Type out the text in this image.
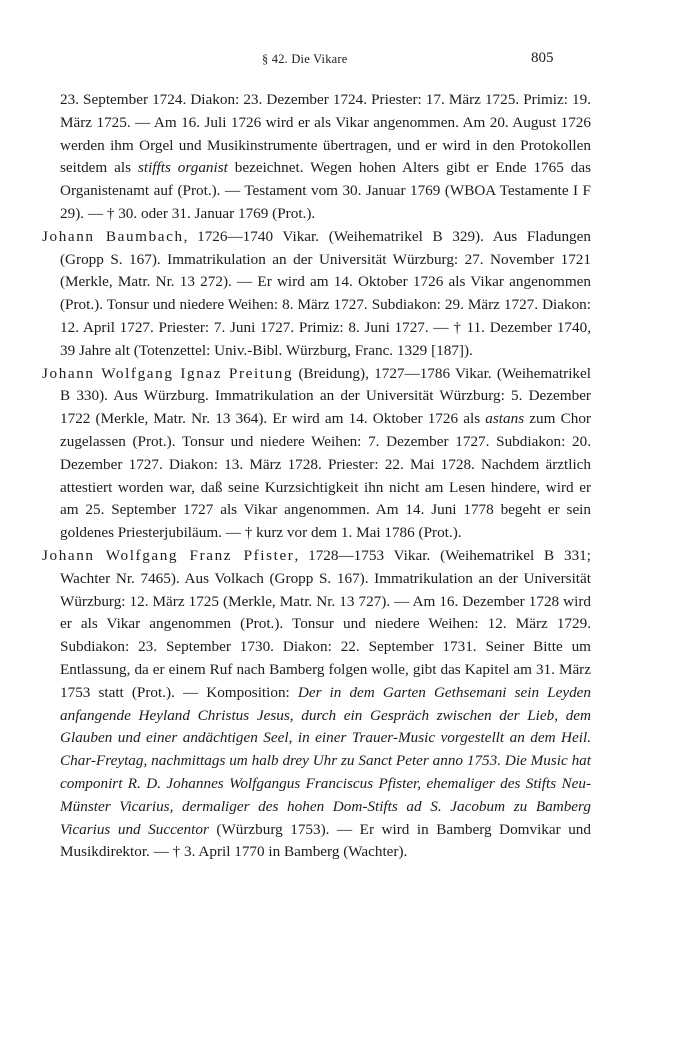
§ 42. Die Vikare	805

23. September 1724. Diakon: 23. Dezember 1724. Priester: 17. März 1725. Primiz: 19. März 1725. — Am 16. Juli 1726 wird er als Vikar angenommen. Am 20. August 1726 werden ihm Orgel und Musikinstrumente übertragen, und er wird in den Protokollen seitdem als stiffts organist bezeichnet. Wegen hohen Alters gibt er Ende 1765 das Organistenamt auf (Prot.). — Testament vom 30. Januar 1769 (WBOA Testamente I F 29). — † 30. oder 31. Januar 1769 (Prot.).

Johann Baumbach, 1726—1740 Vikar. (Weihematrikel B 329). Aus Fladungen (Gropp S. 167). Immatrikulation an der Universität Würzburg: 27. November 1721 (Merkle, Matr. Nr. 13 272). — Er wird am 14. Oktober 1726 als Vikar angenommen (Prot.). Tonsur und niedere Weihen: 8. März 1727. Subdiakon: 29. März 1727. Diakon: 12. April 1727. Priester: 7. Juni 1727. Primiz: 8. Juni 1727. — † 11. Dezember 1740, 39 Jahre alt (Totenzettel: Univ.-Bibl. Würzburg, Franc. 1329 [187]).

Johann Wolfgang Ignaz Preitung (Breidung), 1727—1786 Vikar. (Weihematrikel B 330). Aus Würzburg. Immatrikulation an der Universität Würzburg: 5. Dezember 1722 (Merkle, Matr. Nr. 13 364). Er wird am 14. Oktober 1726 als astans zum Chor zugelassen (Prot.). Tonsur und niedere Weihen: 7. Dezember 1727. Subdiakon: 20. Dezember 1727. Diakon: 13. März 1728. Priester: 22. Mai 1728. Nachdem ärztlich attestiert worden war, daß seine Kurzsichtigkeit ihn nicht am Lesen hindere, wird er am 25. September 1727 als Vikar angenommen. Am 14. Juni 1778 begeht er sein goldenes Priesterjubiläum. — † kurz vor dem 1. Mai 1786 (Prot.).

Johann Wolfgang Franz Pfister, 1728—1753 Vikar. (Weihematrikel B 331; Wachter Nr. 7465). Aus Volkach (Gropp S. 167). Immatrikulation an der Universität Würzburg: 12. März 1725 (Merkle, Matr. Nr. 13 727). — Am 16. Dezember 1728 wird er als Vikar angenommen (Prot.). Tonsur und niedere Weihen: 12. März 1729. Subdiakon: 23. September 1730. Diakon: 22. September 1731. Seiner Bitte um Entlassung, da er einem Ruf nach Bamberg folgen wolle, gibt das Kapitel am 31. März 1753 statt (Prot.). — Komposition: Der in dem Garten Gethsemani sein Leyden anfangende Heyland Christus Jesus, durch ein Gespräch zwischen der Lieb, dem Glauben und einer andächtigen Seel, in einer Trauer-Music vorgestellt an dem Heil. Char-Freytag, nachmittags um halb drey Uhr zu Sanct Peter anno 1753. Die Music hat componirt R. D. Johannes Wolfgangus Franciscus Pfister, ehemaliger des Stifts Neu-Münster Vicarius, dermaliger des hohen Dom-Stifts ad S. Jacobum zu Bamberg Vicarius und Succentor (Würzburg 1753). — Er wird in Bamberg Domvikar und Musikdirektor. — † 3. April 1770 in Bamberg (Wachter).
